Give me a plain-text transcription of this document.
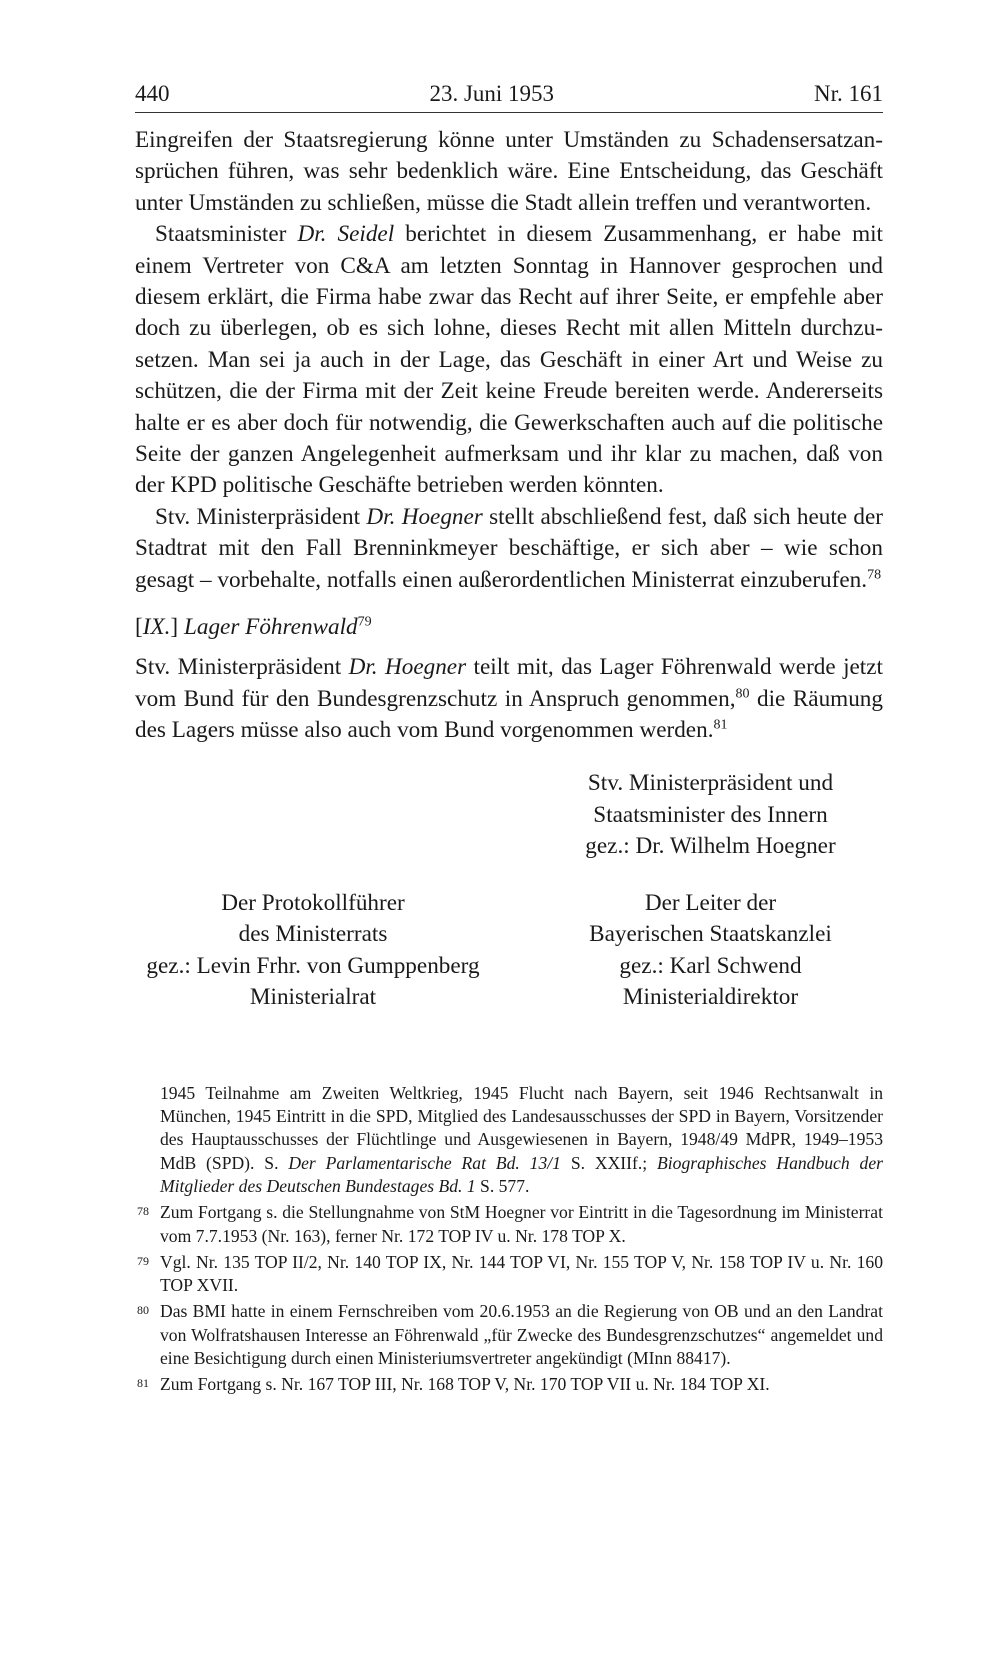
440	23. Juni 1953	Nr. 161

Eingreifen der Staatsregierung könne unter Umständen zu Schadensersatzansprüchen führen, was sehr bedenklich wäre. Eine Entscheidung, das Geschäft unter Umständen zu schließen, müsse die Stadt allein treffen und verantworten.

Staatsminister Dr. Seidel berichtet in diesem Zusammenhang, er habe mit einem Vertreter von C&A am letzten Sonntag in Hannover gesprochen und diesem erklärt, die Firma habe zwar das Recht auf ihrer Seite, er empfehle aber doch zu überlegen, ob es sich lohne, dieses Recht mit allen Mitteln durchzusetzen. Man sei ja auch in der Lage, das Geschäft in einer Art und Weise zu schützen, die der Firma mit der Zeit keine Freude bereiten werde. Andererseits halte er es aber doch für notwendig, die Gewerkschaften auch auf die politische Seite der ganzen Angelegenheit aufmerksam und ihr klar zu machen, daß von der KPD politische Geschäfte betrieben werden könnten.

Stv. Ministerpräsident Dr. Hoegner stellt abschließend fest, daß sich heute der Stadtrat mit den Fall Brenninkmeyer beschäftige, er sich aber – wie schon gesagt – vorbehalte, notfalls einen außerordentlichen Ministerrat einzuberufen.$^{78}$

[IX.] Lager Föhrenwald$^{79}$

Stv. Ministerpräsident Dr. Hoegner teilt mit, das Lager Föhrenwald werde jetzt vom Bund für den Bundesgrenzschutz in Anspruch genommen,$^{80}$ die Räumung des Lagers müsse also auch vom Bund vorgenommen werden.$^{81}$

Stv. Ministerpräsident und
Staatsminister des Innern
gez.: Dr. Wilhelm Hoegner
Der Protokollführer
des Ministerrats
gez.: Levin Frhr. von Gumppenberg
Ministerialrat
Der Leiter der
Bayerischen Staatskanzlei
gez.: Karl Schwend
Ministerialdirektor
1945 Teilnahme am Zweiten Weltkrieg, 1945 Flucht nach Bayern, seit 1946 Rechtsanwalt in München, 1945 Eintritt in die SPD, Mitglied des Landesausschusses der SPD in Bayern, Vorsitzender des Hauptausschusses der Flüchtlinge und Ausgewiesenen in Bayern, 1948/49 MdPR, 1949–1953 MdB (SPD). S. Der Parlamentarische Rat Bd. 13/1 S. XXIIf.; Biographisches Handbuch der Mitglieder des Deutschen Bundestages Bd. 1 S. 577.
78 Zum Fortgang s. die Stellungnahme von StM Hoegner vor Eintritt in die Tagesordnung im Ministerrat vom 7.7.1953 (Nr. 163), ferner Nr. 172 TOP IV u. Nr. 178 TOP X.
79 Vgl. Nr. 135 TOP II/2, Nr. 140 TOP IX, Nr. 144 TOP VI, Nr. 155 TOP V, Nr. 158 TOP IV u. Nr. 160 TOP XVII.
80 Das BMI hatte in einem Fernschreiben vom 20.6.1953 an die Regierung von OB und an den Landrat von Wolfratshausen Interesse an Föhrenwald „für Zwecke des Bundesgrenzschutzes“ angemeldet und eine Besichtigung durch einen Ministeriumsvertreter angekündigt (MInn 88417).
81 Zum Fortgang s. Nr. 167 TOP III, Nr. 168 TOP V, Nr. 170 TOP VII u. Nr. 184 TOP XI.
